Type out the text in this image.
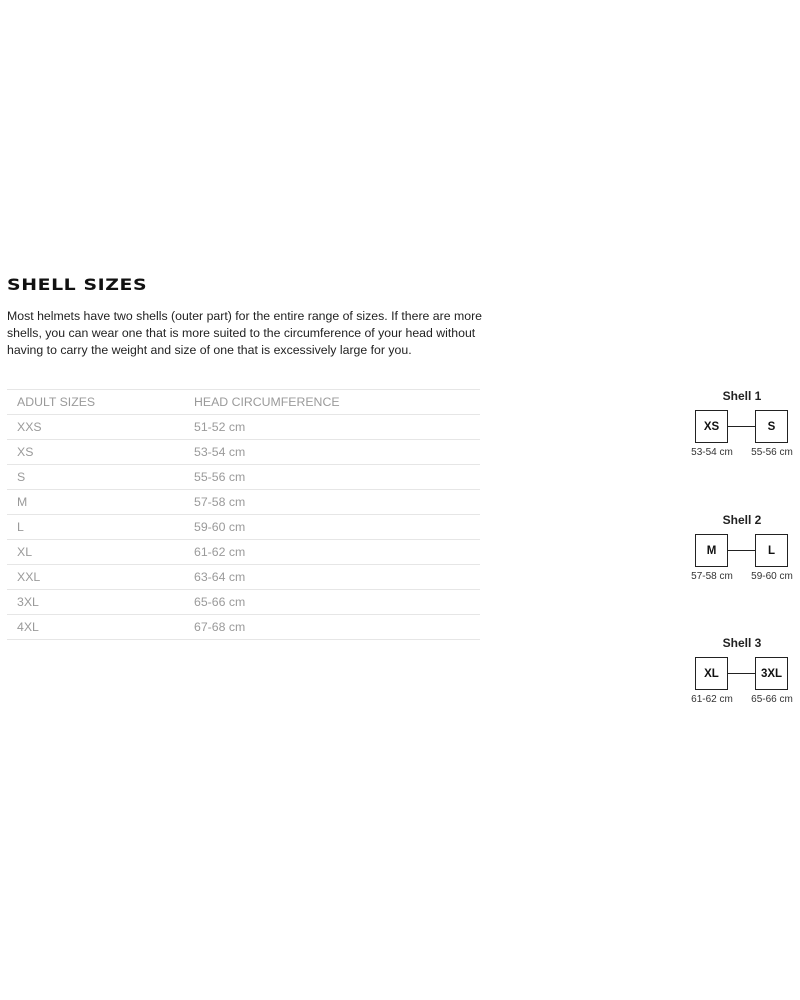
SHELL SIZES

Most helmets have two shells (outer part) for the entire range of sizes. If there are more shells, you can wear one that is more suited to the circumference of your head without having to carry the weight and size of one that is excessively large for you.

ADULT SIZES	HEAD CIRCUMFERENCE
XXS	51-52 cm
XS	53-54 cm
S	55-56 cm
M	57-58 cm
L	59-60 cm
XL	61-62 cm
XXL	63-64 cm
3XL	65-66 cm
4XL	67-68 cm
Shell 1
XS	S
53-54 cm	55-56 cm
Shell 2
M	L
57-58 cm	59-60 cm
Shell 3
XL	3XL
61-62 cm	65-66 cm
